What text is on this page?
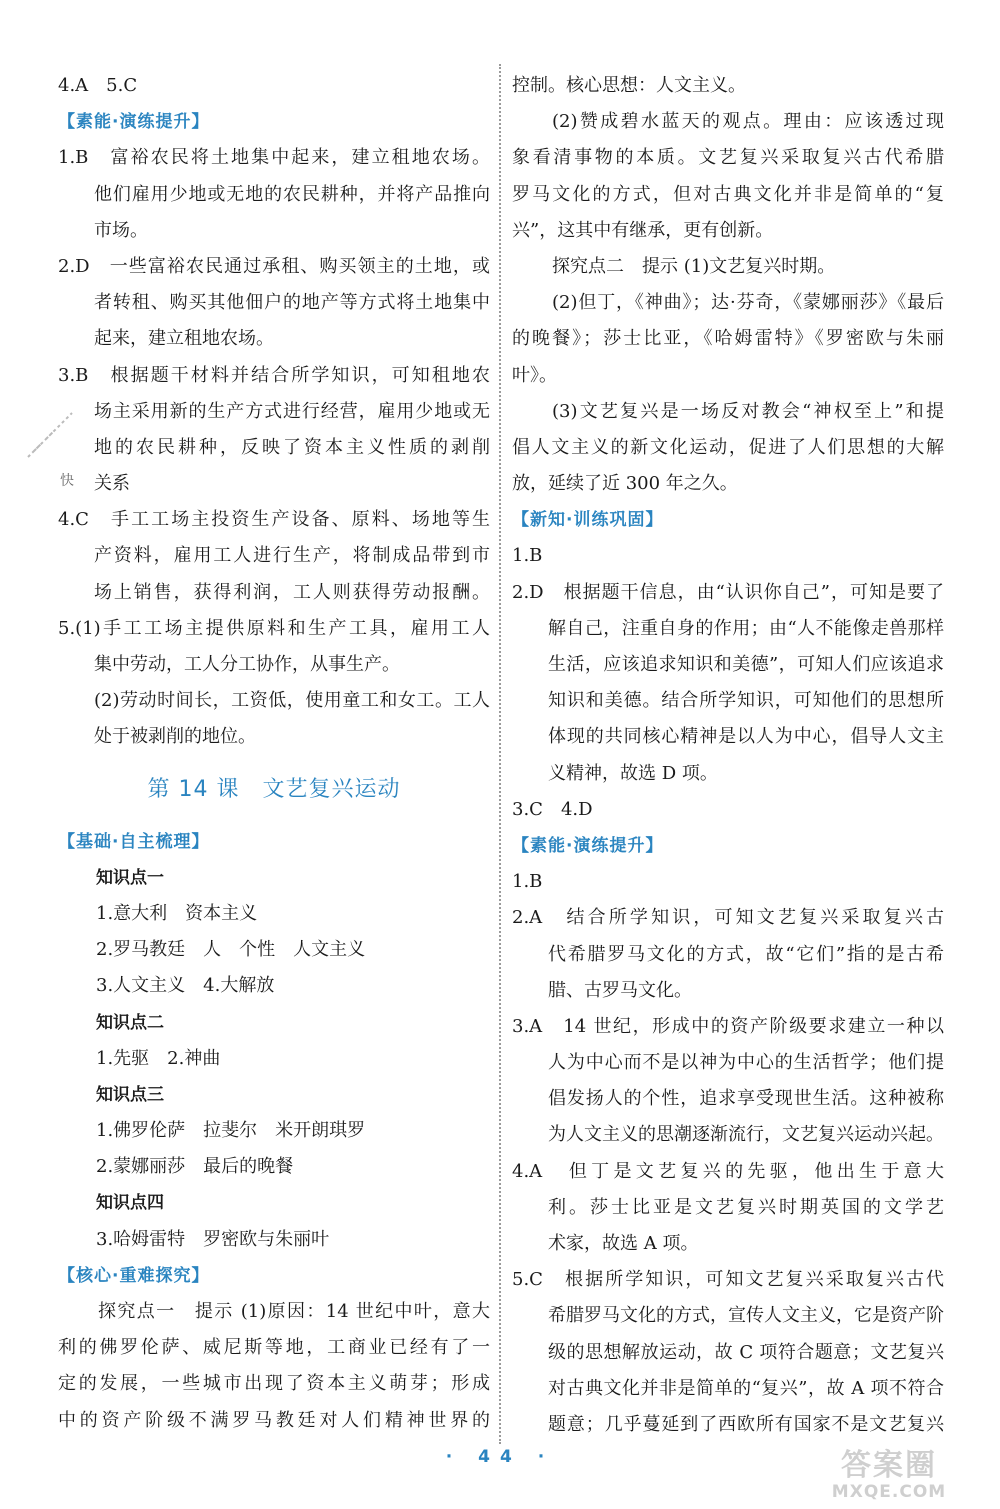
4.A　5.C
【素能·演练提升】
1.B　富裕农民将土地集中起来，建立租地农场。
他们雇用少地或无地的农民耕种，并将产品推向
市场。
2.D　一些富裕农民通过承租、购买领主的土地，或
者转租、购买其他佃户的地产等方式将土地集中
起来，建立租地农场。
3.B　根据题干材料并结合所学知识，可知租地农
场主采用新的生产方式进行经营，雇用少地或无
地的农民耕种，反映了资本主义性质的剥削
关系
4.C　手工工场主投资生产设备、原料、场地等生
产资料，雇用工人进行生产，将制成品带到市
场上销售，获得利润，工人则获得劳动报酬。
5.(1)手工工场主提供原料和生产工具，雇用工人
集中劳动，工人分工协作，从事生产。
(2)劳动时间长，工资低，使用童工和女工。工人
处于被剥削的地位。
第 14 课　文艺复兴运动
【基础·自主梳理】
知识点一
1.意大利　资本主义
2.罗马教廷　人　个性　人文主义
3.人文主义　4.大解放
知识点二
1.先驱　2.神曲
知识点三
1.佛罗伦萨　拉斐尔　米开朗琪罗
2.蒙娜丽莎　最后的晚餐
知识点四
3.哈姆雷特　罗密欧与朱丽叶
【核心·重难探究】
探究点一　提示 (1)原因：14 世纪中叶，意大
利的佛罗伦萨、威尼斯等地，工商业已经有了一
定的发展，一些城市出现了资本主义萌芽；形成
中的资产阶级不满罗马教廷对人们精神世界的
控制。核心思想：人文主义。
(2)赞成碧水蓝天的观点。理由：应该透过现
象看清事物的本质。文艺复兴采取复兴古代希腊
罗马文化的方式，但对古典文化并非是简单的“复
兴”，这其中有继承，更有创新。
探究点二　提示 (1)文艺复兴时期。
(2)但丁，《神曲》；达·芬奇，《蒙娜丽莎》《最后
的晚餐》；莎士比亚，《哈姆雷特》《罗密欧与朱丽
叶》。
(3)文艺复兴是一场反对教会“神权至上”和提
倡人文主义的新文化运动，促进了人们思想的大解
放，延续了近 300 年之久。
【新知·训练巩固】
1.B
2.D　根据题干信息，由“认识你自己”，可知是要了
解自己，注重自身的作用；由“人不能像走兽那样
生活，应该追求知识和美德”，可知人们应该追求
知识和美德。结合所学知识，可知他们的思想所
体现的共同核心精神是以人为中心，倡导人文主
义精神，故选 D 项。
3.C　4.D
【素能·演练提升】
1.B
2.A　结合所学知识，可知文艺复兴采取复兴古
代希腊罗马文化的方式，故“它们”指的是古希
腊、古罗马文化。
3.A　14 世纪，形成中的资产阶级要求建立一种以
人为中心而不是以神为中心的生活哲学；他们提
倡发扬人的个性，追求享受现世生活。这种被称
为人文主义的思潮逐渐流行，文艺复兴运动兴起。
4.A　但丁是文艺复兴的先驱，他出生于意大
利。莎士比亚是文艺复兴时期英国的文学艺
术家，故选 A 项。
5.C　根据所学知识，可知文艺复兴采取复兴古代
希腊罗马文化的方式，宣传人文主义，它是资产阶
级的思想解放运动，故 C 项符合题意；文艺复兴
对古典文化并非是简单的“复兴”，故 A 项不符合
题意；几乎蔓延到了西欧所有国家不是文艺复兴
快
· 44 ·	答案圈
MXQE.COM
